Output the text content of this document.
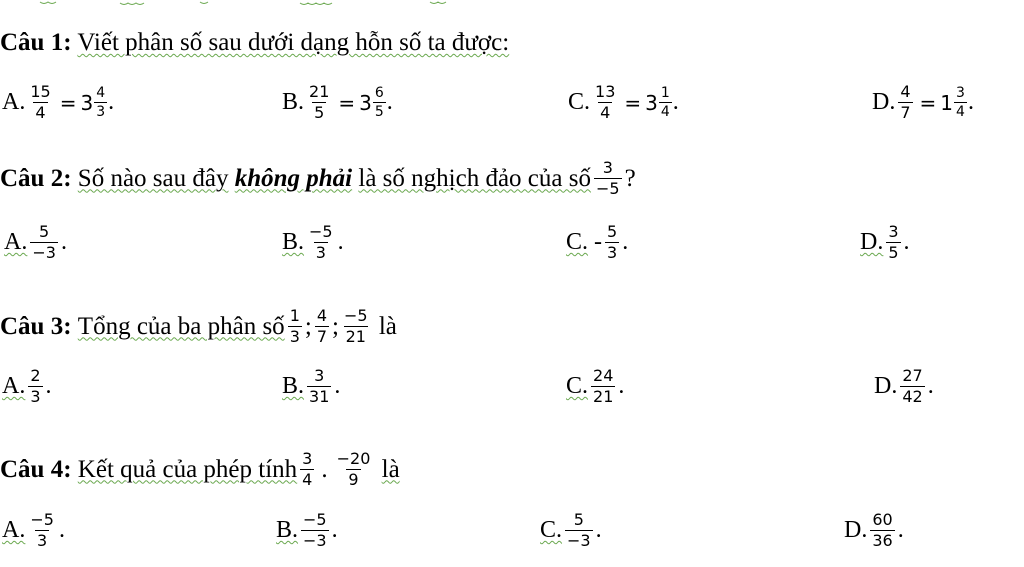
Câu 1: Viết phân số sau dưới dạng hỗn số ta được:
A. $\frac{15}{4} = 3 \frac{4}{3}$ .	B. $\frac{21}{5} = 3 \frac{6}{5}$ .	C. $\frac{13}{4} = 3 \frac{1}{4}$ .	D. $\frac{4}{7} = 1 \frac{3}{4}$ .
Câu 2:
Số nào sau đây
không phải
là số nghịch đảo của số $\frac{3}{-5}$ ?
A. $\frac{5}{-3}$ .	B. $\frac{-5}{3}$ .	C. - $\frac{5}{3}$ .	D. $\frac{3}{5}$ .
Câu 3:
Tổng của ba phân số $\frac{1}{3}$ ; $\frac{4}{7}$ ; $\frac{-5}{21}$
là
A. $\frac{2}{3}$ .	B. $\frac{3}{31}$ .	C. $\frac{24}{21}$ .	D. $\frac{27}{42}$ .
Câu 4:
Kết quả của phép tính $\frac{3}{4}$ . $\frac{-20}{9}$
là
A. $\frac{-5}{3}$ .	B. $\frac{-5}{-3}$ .	C. $\frac{5}{-3}$ .	D. $\frac{60}{36}$ .
